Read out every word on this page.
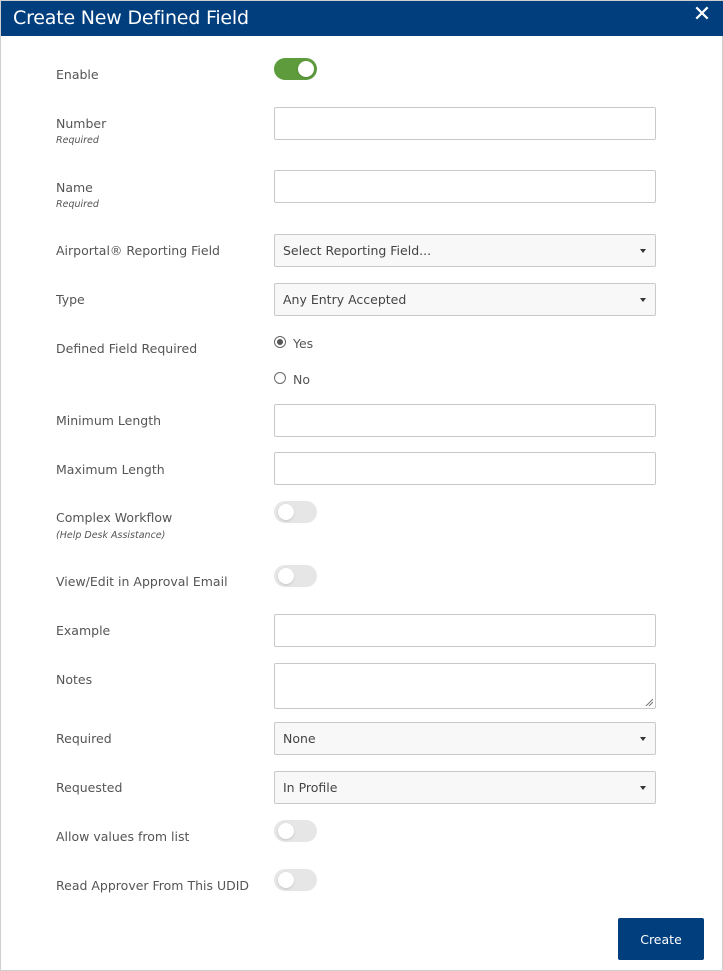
Create New Defined Field	✕
Enable
Number
Required
Name
Required
Airportal® Reporting Field	Select Reporting Field...
Type	Any Entry Accepted
Defined Field Required	Yes
No
Minimum Length
Maximum Length
Complex Workflow
(Help Desk Assistance)
View/Edit in Approval Email
Example
Notes
Required	None
Requested	In Profile
Allow values from list
Read Approver From This UDID
Create
